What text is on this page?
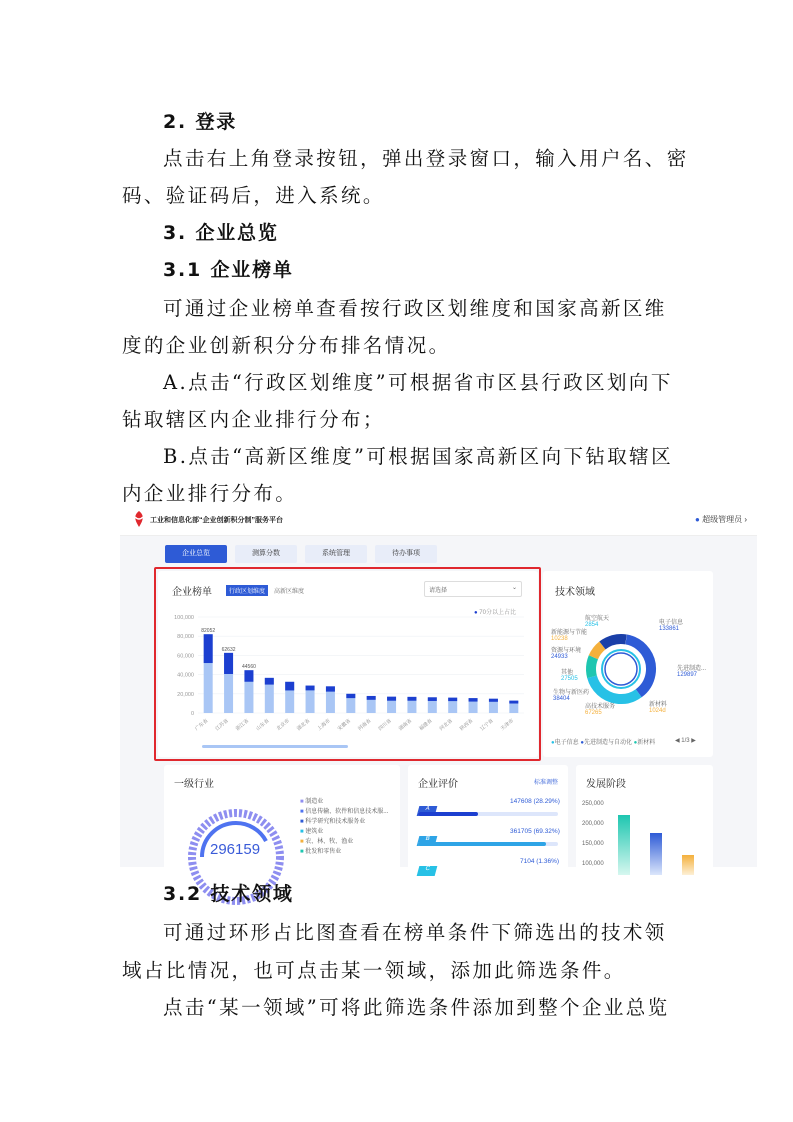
2. 登录
点击右上角登录按钮，弹出登录窗口，输入用户名、密
码、验证码后，进入系统。
3. 企业总览
3.1 企业榜单
可通过企业榜单查看按行政区划维度和国家高新区维
度的企业创新积分分布排名情况。
A.点击“行政区划维度”可根据省市区县行政区划向下
钻取辖区内企业排行分布；
B.点击“高新区维度”可根据国家高新区向下钻取辖区
内企业排行分布。
工业和信息化部“企业创新积分制”服务平台	● 超级管理员 ›
企业总览	测算分数	系统管理	待办事项
企业榜单	行政区划维度	高新区维度	请选择	⌄
● 70分以上占比
100,000
80,000
60,000
40,000
20,000
0
82052
广东省
62632
江苏省
44560
浙江省 山东省 北京市 湖北省 上海市 安徽省 河南省 四川省 湖南省 福建省 河北省 陕西省 辽宁省 天津市
技术领域
航空航天
2854	电子信息
133861
新能源与节能
10238
资源与环境
24933
其他
27505
先进制造...
129897
生物与新医药
38404
高技术服务
67265
新材料
1024d
●电子信息 ●先进制造与自动化 ●新材料	◀ 1/3 ▶
一级行业
296159
■ 制造业
■ 信息传输、软件和信息技术服...
■ 科学研究和技术服务业
■ 建筑业
■ 农、林、牧、渔业
■ 批发和零售业
企业评价	标准调整
A
147608 (28.29%)
B
361705 (69.32%)
C
7104 (1.36%)
发展阶段
250,000
200,000
150,000
100,000
3.2 技术领域
可通过环形占比图查看在榜单条件下筛选出的技术领
域占比情况，也可点击某一领域，添加此筛选条件。
点击“某一领域”可将此筛选条件添加到整个企业总览
